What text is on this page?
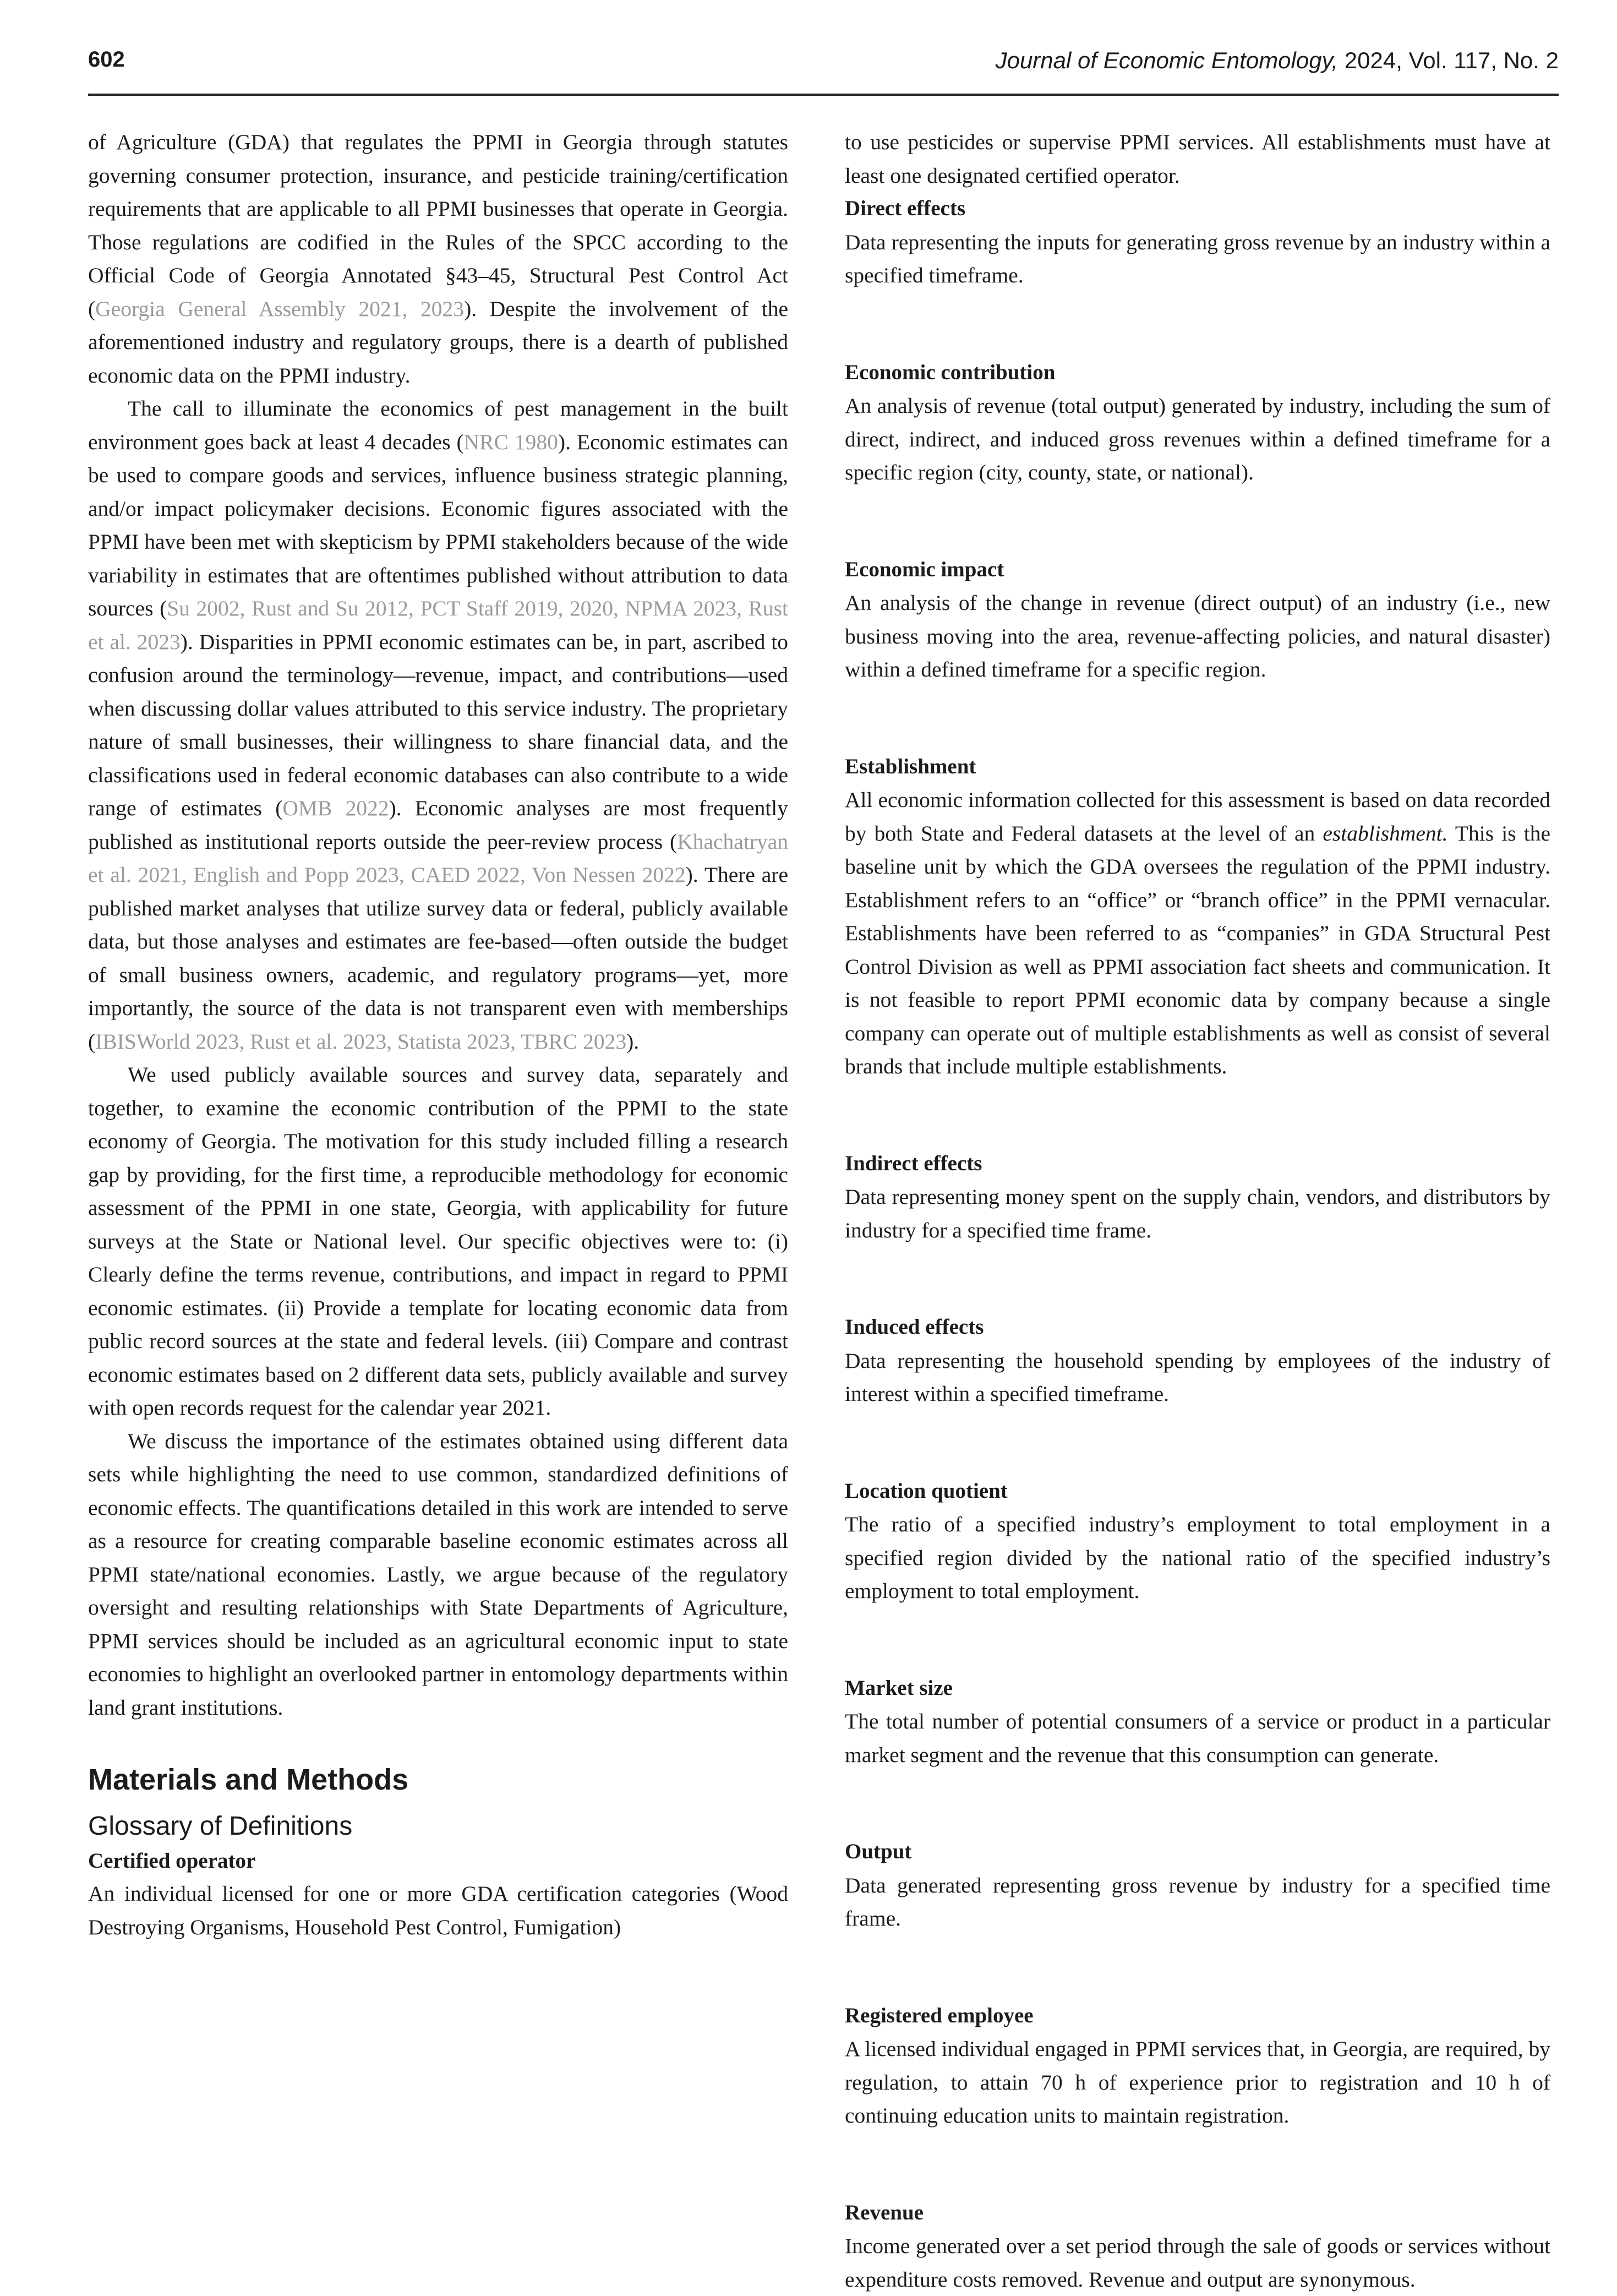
602	Journal of Economic Entomology, 2024, Vol. 117, No. 2

of Agriculture (GDA) that regulates the PPMI in Georgia through statutes governing consumer protection, insurance, and pesticide training/certification requirements that are applicable to all PPMI businesses that operate in Georgia. Those regulations are codified in the Rules of the SPCC according to the Official Code of Georgia Annotated §43–45, Structural Pest Control Act (Georgia General Assembly 2021, 2023). Despite the involvement of the aforementioned industry and regulatory groups, there is a dearth of published economic data on the PPMI industry.

The call to illuminate the economics of pest management in the built environment goes back at least 4 decades (NRC 1980). Economic estimates can be used to compare goods and services, influence business strategic planning, and/or impact policymaker decisions. Economic figures associated with the PPMI have been met with skepticism by PPMI stakeholders because of the wide variability in estimates that are oftentimes published without attribution to data sources (Su 2002, Rust and Su 2012, PCT Staff 2019, 2020, NPMA 2023, Rust et al. 2023). Disparities in PPMI economic estimates can be, in part, ascribed to confusion around the terminology—revenue, impact, and contributions—used when discussing dollar values attributed to this service industry. The proprietary nature of small businesses, their willingness to share financial data, and the classifications used in federal economic databases can also contribute to a wide range of estimates (OMB 2022). Economic analyses are most frequently published as institutional reports outside the peer-review process (Khachatryan et al. 2021, English and Popp 2023, CAED 2022, Von Nessen 2022). There are published market analyses that utilize survey data or federal, publicly available data, but those analyses and estimates are fee-based—often outside the budget of small business owners, academic, and regulatory programs—yet, more importantly, the source of the data is not transparent even with memberships (IBISWorld 2023, Rust et al. 2023, Statista 2023, TBRC 2023).

We used publicly available sources and survey data, separately and together, to examine the economic contribution of the PPMI to the state economy of Georgia. The motivation for this study included filling a research gap by providing, for the first time, a reproducible methodology for economic assessment of the PPMI in one state, Georgia, with applicability for future surveys at the State or National level. Our specific objectives were to: (i) Clearly define the terms revenue, contributions, and impact in regard to PPMI economic estimates. (ii) Provide a template for locating economic data from public record sources at the state and federal levels. (iii) Compare and contrast economic estimates based on 2 different data sets, publicly available and survey with open records request for the calendar year 2021.

We discuss the importance of the estimates obtained using different data sets while highlighting the need to use common, standardized definitions of economic effects. The quantifications detailed in this work are intended to serve as a resource for creating comparable baseline economic estimates across all PPMI state/national economies. Lastly, we argue because of the regulatory oversight and resulting relationships with State Departments of Agriculture, PPMI services should be included as an agricultural economic input to state economies to highlight an overlooked partner in entomology departments within land grant institutions.

Materials and Methods
Glossary of Definitions

Certified operator

An individual licensed for one or more GDA certification categories (Wood Destroying Organisms, Household Pest Control, Fumigation)

to use pesticides or supervise PPMI services. All establishments must have at least one designated certified operator.

Direct effects

Data representing the inputs for generating gross revenue by an industry within a specified timeframe.

Economic contribution

An analysis of revenue (total output) generated by industry, including the sum of direct, indirect, and induced gross revenues within a defined timeframe for a specific region (city, county, state, or national).

Economic impact

An analysis of the change in revenue (direct output) of an industry (i.e., new business moving into the area, revenue-affecting policies, and natural disaster) within a defined timeframe for a specific region.

Establishment

All economic information collected for this assessment is based on data recorded by both State and Federal datasets at the level of an establishment. This is the baseline unit by which the GDA oversees the regulation of the PPMI industry. Establishment refers to an “office” or “branch office” in the PPMI vernacular. Establishments have been referred to as “companies” in GDA Structural Pest Control Division as well as PPMI association fact sheets and communication. It is not feasible to report PPMI economic data by company because a single company can operate out of multiple establishments as well as consist of several brands that include multiple establishments.

Indirect effects

Data representing money spent on the supply chain, vendors, and distributors by industry for a specified time frame.

Induced effects

Data representing the household spending by employees of the industry of interest within a specified timeframe.

Location quotient

The ratio of a specified industry’s employment to total employment in a specified region divided by the national ratio of the specified industry’s employment to total employment.

Market size

The total number of potential consumers of a service or product in a particular market segment and the revenue that this consumption can generate.

Output

Data generated representing gross revenue by industry for a specified time frame.

Registered employee

A licensed individual engaged in PPMI services that, in Georgia, are required, by regulation, to attain 70 h of experience prior to registration and 10 h of continuing education units to maintain registration.

Revenue

Income generated over a set period through the sale of goods or services without expenditure costs removed. Revenue and output are synonymous.
